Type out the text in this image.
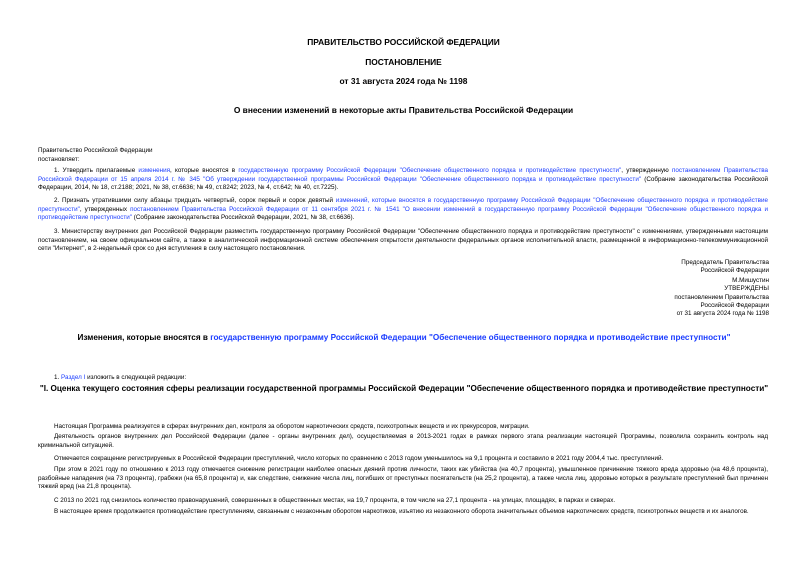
ПРАВИТЕЛЬСТВО РОССИЙСКОЙ ФЕДЕРАЦИИ
ПОСТАНОВЛЕНИЕ
от 31 августа 2024 года № 1198
О внесении изменений в некоторые акты Правительства Российской Федерации
Правительство Российской Федерации
постановляет:
1. Утвердить прилагаемые изменения, которые вносятся в государственную программу Российской Федерации "Обеспечение общественного порядка и противодействие преступности", утвержденную постановлением Правительства Российской Федерации от 15 апреля 2014 г. № 345 "Об утверждении государственной программы Российской Федерации "Обеспечение общественного порядка и противодействие преступности" (Собрание законодательства Российской Федерации, 2014, № 18, ст.2188; 2021, № 38, ст.6636; № 49, ст.8242; 2023, № 4, ст.642; № 40, ст.7225).
2. Признать утратившими силу абзацы тридцать четвертый, сорок первый и сорок девятый изменений, которые вносятся в государственную программу Российской Федерации "Обеспечение общественного порядка и противодействие преступности", утвержденных постановлением Правительства Российской Федерации от 11 сентября 2021 г. № 1541 "О внесении изменений в государственную программу Российской Федерации "Обеспечение общественного порядка и противодействие преступности" (Собрание законодательства Российской Федерации, 2021, № 38, ст.6636).
3. Министерству внутренних дел Российской Федерации разместить государственную программу Российской Федерации "Обеспечение общественного порядка и противодействие преступности" с изменениями, утвержденными настоящим постановлением, на своем официальном сайте, а также в аналитической информационной системе обеспечения открытости деятельности федеральных органов исполнительной власти, размещенной в информационно-телекоммуникационной сети "Интернет", в 2-недельный срок со дня вступления в силу настоящего постановления.
Председатель Правительства
Российской Федерации
М.Мишустин
УТВЕРЖДЕНЫ
постановлением Правительства
Российской Федерации
от 31 августа 2024 года № 1198
Изменения, которые вносятся в государственную программу Российской Федерации "Обеспечение общественного порядка и противодействие преступности"
1. Раздел I изложить в следующей редакции:
"I. Оценка текущего состояния сферы реализации государственной программы Российской Федерации "Обеспечение общественного порядка и противодействие преступности"
Настоящая Программа реализуется в сферах внутренних дел, контроля за оборотом наркотических средств, психотропных веществ и их прекурсоров, миграции.
Деятельность органов внутренних дел Российской Федерации (далее - органы внутренних дел), осуществляемая в 2013-2021 годах в рамках первого этапа реализации настоящей Программы, позволила сохранить контроль над криминальной ситуацией.
Отмечается сокращение регистрируемых в Российской Федерации преступлений, число которых по сравнению с 2013 годом уменьшилось на 9,1 процента и составило в 2021 году 2004,4 тыс. преступлений.
При этом в 2021 году по отношению к 2013 году отмечается снижение регистрации наиболее опасных деяний против личности, таких как убийства (на 40,7 процента), умышленное причинение тяжкого вреда здоровью (на 48,6 процента), разбойные нападения (на 73 процента), грабежи (на 65,8 процента) и, как следствие, снижение числа лиц, погибших от преступных посягательств (на 25,2 процента), а также числа лиц, здоровью которых в результате преступлений был причинен тяжкий вред (на 21,8 процента).
С 2013 по 2021 год снизилось количество правонарушений, совершенных в общественных местах, на 19,7 процента, в том числе на 27,1 процента - на улицах, площадях, в парках и скверах.
В настоящее время продолжается противодействие преступлениям, связанным с незаконным оборотом наркотиков, изъятию из незаконного оборота значительных объемов наркотических средств, психотропных веществ и их аналогов.
